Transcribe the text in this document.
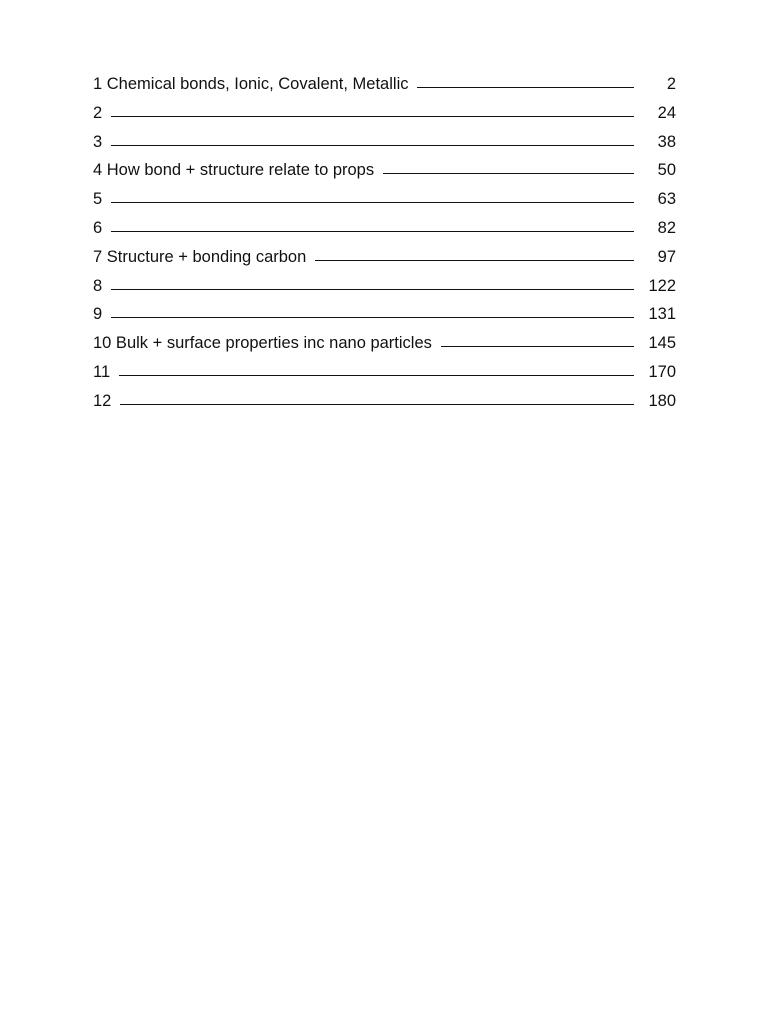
1 Chemical bonds, Ionic, Covalent, Metallic	2
2	24
3	38
4 How bond + structure relate to props	50
5	63
6	82
7 Structure + bonding carbon	97
8	122
9	131
10 Bulk + surface properties inc nano particles	145
11	170
12	180
